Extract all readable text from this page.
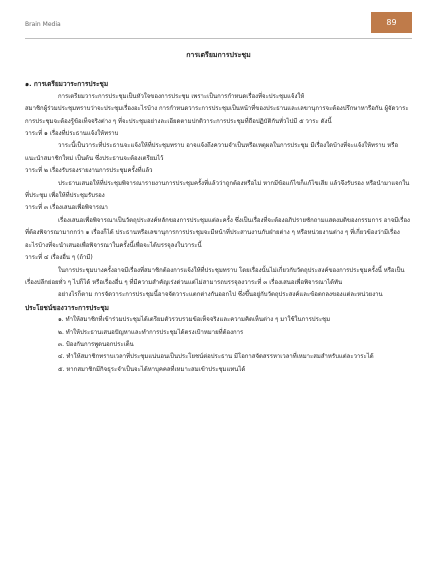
Brain Media	89
การเตรียมการประชุม
๑. การเตรียมวาระการประชุม
การเตรียมวาระการประชุมเป็นหัวใจของการประชุม เพราะเป็นการกำหนดเรื่องที่จะประชุมแจ้งให้
สมาชิกผู้ร่วมประชุมทราบว่าจะประชุมเรื่องอะไรบ้าง การกำหนดวาระการประชุมเป็นหน้าที่ของประธานและเลขานุการจะต้องปรึกษาหารือกัน ผู้จัดวาระการประชุมจะต้องรู้ข้อเท็จจริงต่าง ๆ ที่จะประชุมอย่างละเอียดตามปกติวาระการประชุมที่ถือปฏิบัติกันทั่วไปมี ๕ วาระ ดังนี้
วาระที่ ๑ เรื่องที่ประธานแจ้งให้ทราบ
วาระนี้เป็นวาระที่ประธานจะแจ้งให้ที่ประชุมทราบ อาจแจ้งถึงความจำเป็นหรือเหตุผลในการประชุม มีเรื่องใดบ้างที่จะแจ้งให้ทราบ หรือแนะนำสมาชิกใหม่ เป็นต้น ซึ่งประธานจะต้องเตรียมไว้
วาระที่ ๒ เรื่องรับรองรายงานการประชุมครั้งที่แล้ว
ประธานเสนอให้ที่ประชุมพิจารณารายงานการประชุมครั้งที่แล้วว่าถูกต้องหรือไม่ หากมีข้อแก้ไขก็แก้ไขเสีย แล้วจึงรับรอง หรือนำมาแจกในที่ประชุม เพื่อให้ที่ประชุมรับรอง
วาระที่ ๓ เรื่องเสนอเพื่อพิจารณา
เรื่องเสนอเพื่อพิจารณาเป็นวัตถุประสงค์หลักของการประชุมแต่ละครั้ง ซึ่งเป็นเรื่องที่จะต้องอภิปรายซักถามแสดงมติของกรรมการ อาจมีเรื่องที่ต้องพิจารณามากกว่า ๑ เรื่องก็ได้ ประธานหรือเลขานุการการประชุมจะมีหน้าที่ประสานงานกับฝ่ายต่าง ๆ หรือหน่วยงานต่าง ๆ ที่เกี่ยวข้องว่ามีเรื่องอะไรบ้างที่จะนำเสนอเพื่อพิจารณาในครั้งนี้เพื่อจะได้บรรจุลงในวาระนี้
วาระที่ ๔ เรื่องอื่น ๆ (ถ้ามี)
ในการประชุมบางครั้งอาจมีเรื่องที่สมาชิกต้องการแจ้งให้ที่ประชุมทราบ โดยเรื่องนั้นไม่เกี่ยวกับวัตถุประสงค์ของการประชุมครั้งนี้ หรือเป็นเรื่องปลีกย่อยทั่ว ๆ ไปก็ได้ หรือเรื่องอื่น ๆ ที่มีความสำคัญเร่งด่วนแต่ไม่สามารถบรรจุลงวาระที่ ๓ เรื่องเสนอเพื่อพิจารณาได้ทัน
อย่างไรก็ตาม การจัดวาระการประชุมนี้อาจจัดวาระแตกต่างกันออกไป ซึ่งขึ้นอยู่กับวัตถุประสงค์และข้อตกลงของแต่ละหน่วยงาน
ประโยชน์ของวาระการประชุม
๑. ทำให้สมาชิกที่เข้าร่วมประชุมได้เตรียมตัวรวบรวมข้อเท็จจริงและความคิดเห็นต่าง ๆ มาใช้ในการประชุม
๒. ทำให้ประธานเสนอปัญหาและทำการประชุมได้ตรงเป้าหมายที่ต้องการ
๓. ป้องกันการพูดนอกประเด็น
๔. ทำให้สมาชิกทราบเวลาที่ประชุมแน่นอนเป็นประโยชน์ต่อประธาน มีโอกาสจัดสรรหาเวลาที่เหมาะสมสำหรับแต่ละวาระได้
๕. หากสมาชิกมีกิจธุระจำเป็นจะได้หาบุคคลที่เหมาะสมเข้าประชุมแทนได้
